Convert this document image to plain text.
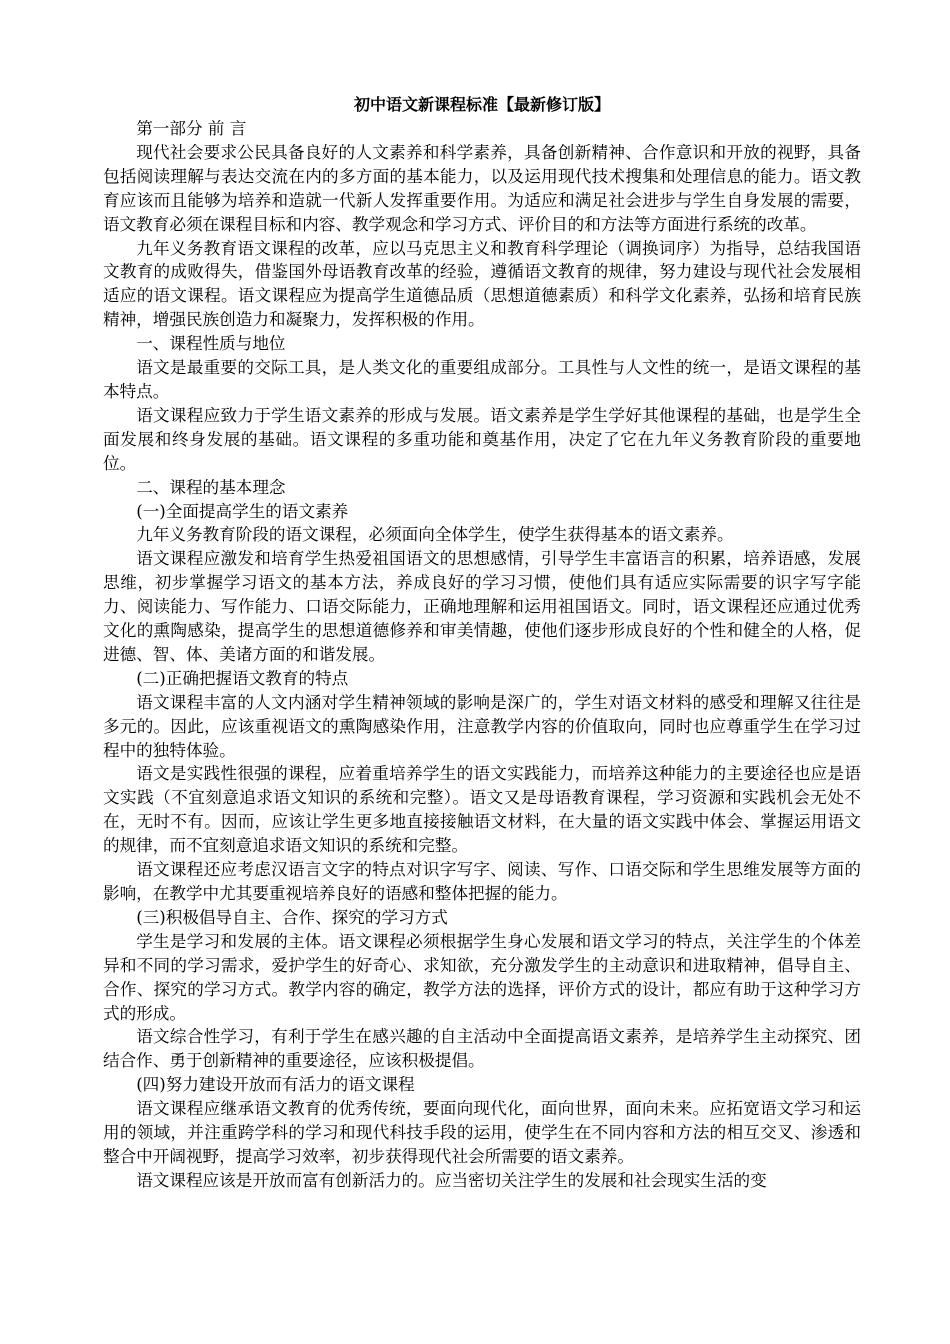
初中语文新课程标准【最新修订版】

第一部分 前 言

现代社会要求公民具备良好的人文素养和科学素养，具备创新精神、合作意识和开放的视野，具备包括阅读理解与表达交流在内的多方面的基本能力，以及运用现代技术搜集和处理信息的能力。语文教育应该而且能够为培养和造就一代新人发挥重要作用。为适应和满足社会进步与学生自身发展的需要，语文教育必须在课程目标和内容、教学观念和学习方式、评价目的和方法等方面进行系统的改革。

九年义务教育语文课程的改革，应以马克思主义和教育科学理论（调换词序）为指导，总结我国语文教育的成败得失，借鉴国外母语教育改革的经验，遵循语文教育的规律，努力建设与现代社会发展相适应的语文课程。语文课程应为提高学生道德品质（思想道德素质）和科学文化素养，弘扬和培育民族精神，增强民族创造力和凝聚力，发挥积极的作用。

一、课程性质与地位

语文是最重要的交际工具，是人类文化的重要组成部分。工具性与人文性的统一，是语文课程的基本特点。

语文课程应致力于学生语文素养的形成与发展。语文素养是学生学好其他课程的基础，也是学生全面发展和终身发展的基础。语文课程的多重功能和奠基作用，决定了它在九年义务教育阶段的重要地位。

二、课程的基本理念

(一)全面提高学生的语文素养

九年义务教育阶段的语文课程，必须面向全体学生，使学生获得基本的语文素养。

语文课程应激发和培育学生热爱祖国语文的思想感情，引导学生丰富语言的积累，培养语感，发展思维，初步掌握学习语文的基本方法，养成良好的学习习惯，使他们具有适应实际需要的识字写字能力、阅读能力、写作能力、口语交际能力，正确地理解和运用祖国语文。同时，语文课程还应通过优秀文化的熏陶感染，提高学生的思想道德修养和审美情趣，使他们逐步形成良好的个性和健全的人格，促进德、智、体、美诸方面的和谐发展。

(二)正确把握语文教育的特点

语文课程丰富的人文内涵对学生精神领域的影响是深广的，学生对语文材料的感受和理解又往往是多元的。因此，应该重视语文的熏陶感染作用，注意教学内容的价值取向，同时也应尊重学生在学习过程中的独特体验。

语文是实践性很强的课程，应着重培养学生的语文实践能力，而培养这种能力的主要途径也应是语文实践（不宜刻意追求语文知识的系统和完整）。语文又是母语教育课程，学习资源和实践机会无处不在，无时不有。因而，应该让学生更多地直接接触语文材料，在大量的语文实践中体会、掌握运用语文的规律，而不宜刻意追求语文知识的系统和完整。

语文课程还应考虑汉语言文字的特点对识字写字、阅读、写作、口语交际和学生思维发展等方面的影响，在教学中尤其要重视培养良好的语感和整体把握的能力。

(三)积极倡导自主、合作、探究的学习方式

学生是学习和发展的主体。语文课程必须根据学生身心发展和语文学习的特点，关注学生的个体差异和不同的学习需求，爱护学生的好奇心、求知欲，充分激发学生的主动意识和进取精神，倡导自主、合作、探究的学习方式。教学内容的确定，教学方法的选择，评价方式的设计，都应有助于这种学习方式的形成。

语文综合性学习，有利于学生在感兴趣的自主活动中全面提高语文素养，是培养学生主动探究、团结合作、勇于创新精神的重要途径，应该积极提倡。

(四)努力建设开放而有活力的语文课程

语文课程应继承语文教育的优秀传统，要面向现代化，面向世界，面向未来。应拓宽语文学习和运用的领域，并注重跨学科的学习和现代科技手段的运用，使学生在不同内容和方法的相互交叉、渗透和整合中开阔视野，提高学习效率，初步获得现代社会所需要的语文素养。

语文课程应该是开放而富有创新活力的。应当密切关注学生的发展和社会现实生活的变
